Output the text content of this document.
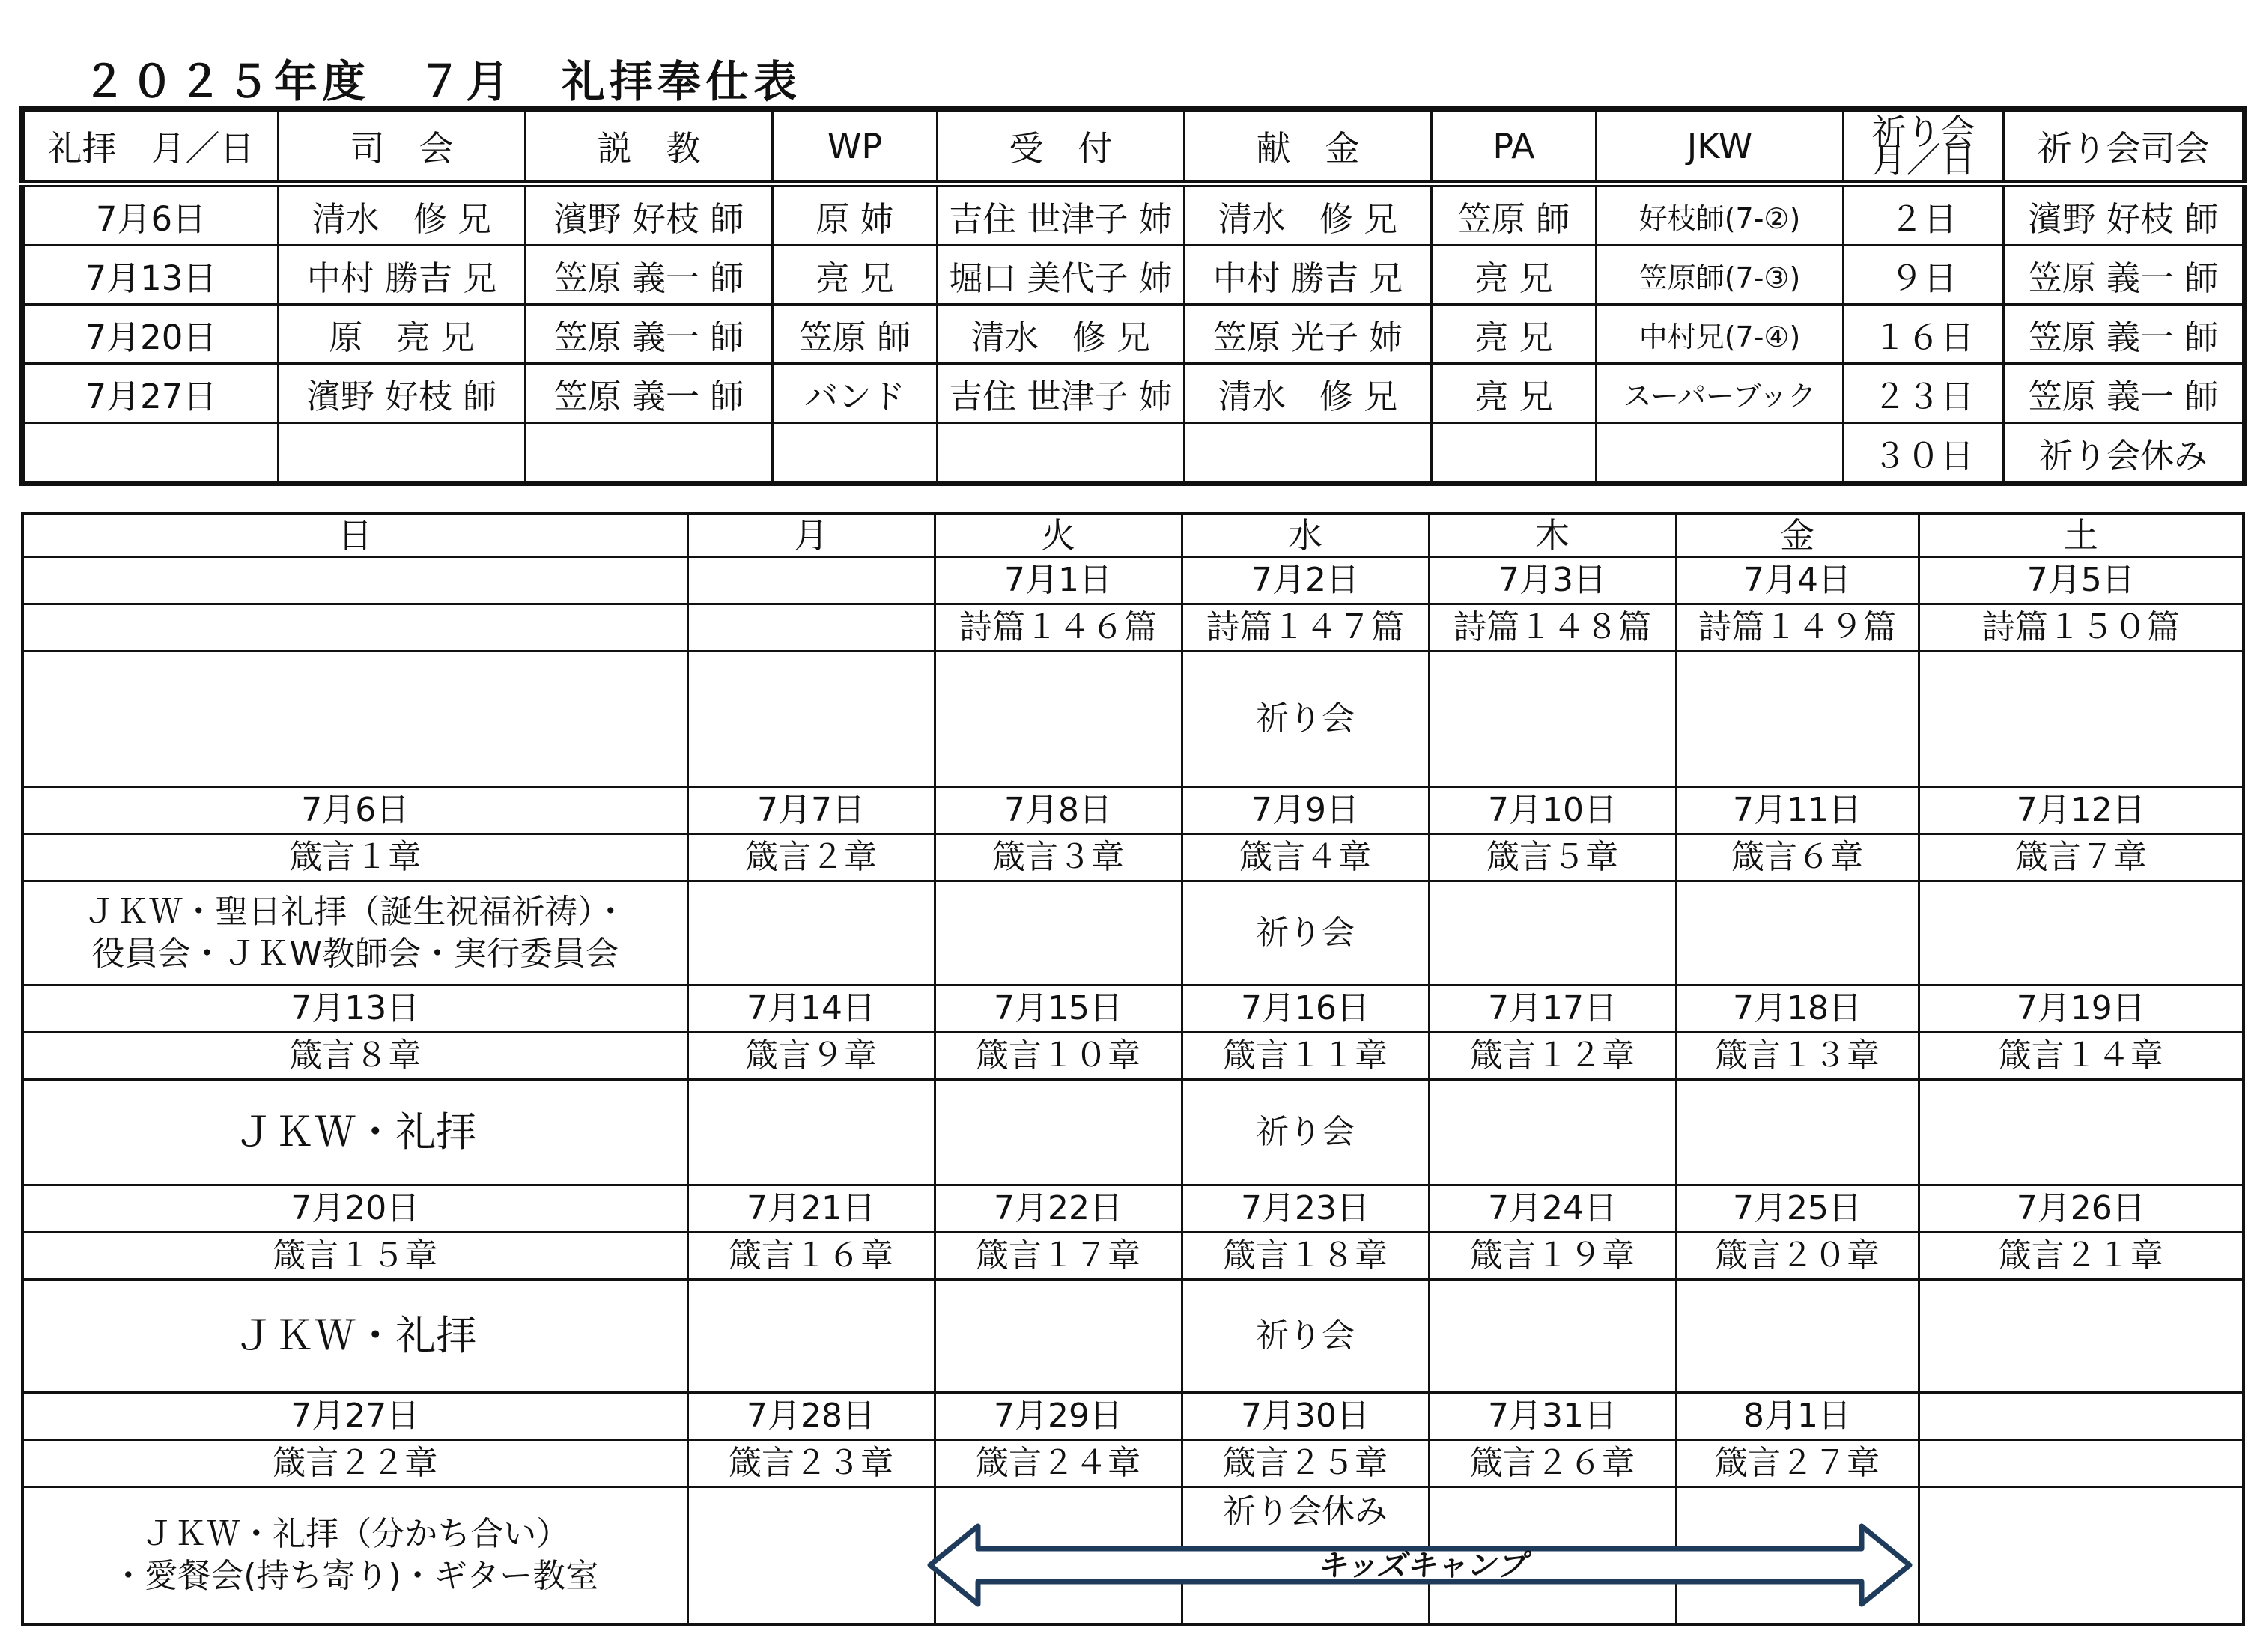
２０２５年度　７月　礼拝奉仕表
礼拝　月／日	司　会	説　教	WP	受　付	献　金	PA	JKW	祈り会
月／日	祈り会司会
7月6日	清水　修 兄	濱野 好枝 師	原 姉	吉住 世津子 姉	清水　修 兄	笠原 師	好枝師(7-②)	２日	濱野 好枝 師
7月13日	中村 勝吉 兄	笠原 義一 師	亮 兄	堀口 美代子 姉	中村 勝吉 兄	亮 兄	笠原師(7-③)	９日	笠原 義一 師
7月20日	原　亮 兄	笠原 義一 師	笠原 師	清水　修 兄	笠原 光子 姉	亮 兄	中村兄(7-④)	１６日	笠原 義一 師
7月27日	濱野 好枝 師	笠原 義一 師	バンド	吉住 世津子 姉	清水　修 兄	亮 兄	スーパーブック	２３日	笠原 義一 師
								３０日	祈り会休み
日	月	火	水	木	金	土
		7月1日	7月2日	7月3日	7月4日	7月5日
		詩篇１４６篇	詩篇１４７篇	詩篇１４８篇	詩篇１４９篇	詩篇１５０篇
			祈り会			
7月6日	7月7日	7月8日	7月9日	7月10日	7月11日	7月12日
箴言１章	箴言２章	箴言３章	箴言４章	箴言５章	箴言６章	箴言７章
ＪＫＷ・聖日礼拝（誕生祝福祈祷）・
役員会・ＪＫW教師会・実行委員会			祈り会			
7月13日	7月14日	7月15日	7月16日	7月17日	7月18日	7月19日
箴言８章	箴言９章	箴言１０章	箴言１１章	箴言１２章	箴言１３章	箴言１４章
ＪＫＷ・礼拝			祈り会			
7月20日	7月21日	7月22日	7月23日	7月24日	7月25日	7月26日
箴言１５章	箴言１６章	箴言１７章	箴言１８章	箴言１９章	箴言２０章	箴言２１章
ＪＫＷ・礼拝			祈り会			
7月27日	7月28日	7月29日	7月30日	7月31日	8月1日	
箴言２２章	箴言２３章	箴言２４章	箴言２５章	箴言２６章	箴言２７章	
ＪＫＷ・礼拝（分かち合い）
・愛餐会(持ち寄り)・ギター教室			祈り会休み			
キッズキャンプ
